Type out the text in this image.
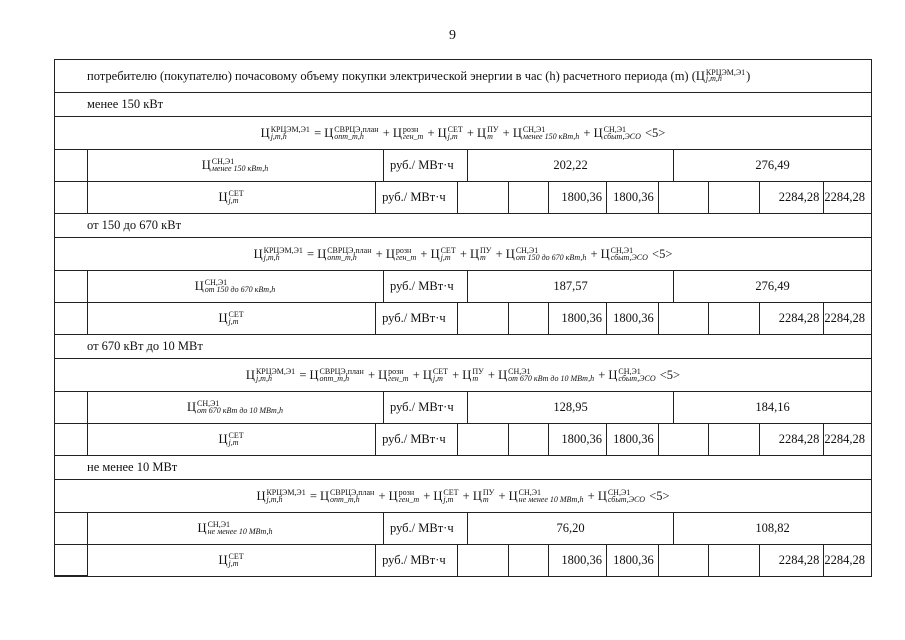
9
потребителю (покупателю) почасовому объему покупки электрической энергии в час (h) расчетного периода (m) (Ц КРЦЭМ,Э1
j,m,h	)
менее 150 кВт
Ц КРЦЭМ,Э1
j,m,h	= Ц СВРЦЭ,план
опт_m,h	+ Ц розн
ген_m + Ц СЕТ
j,m + Ц ПУ
m + Ц СН,Э1
менее 150 кВт,h + Ц СН,Э1
сбыт,ЭСО <5>
Ц СН,Э1
менее 150 кВт,h	руб./ МВт·ч	202,22	276,49
Ц СЕТ
j,m	руб./ МВт·ч	1800,36 1800,36	2284,28 2284,28
от 150 до 670 кВт
Ц КРЦЭМ,Э1
j,m,h	= Ц СВРЦЭ,план
опт_m,h	+ Ц розн
ген_m + Ц СЕТ
j,m + Ц ПУ
m + Ц СН,Э1
от 150 до 670 кВт,h + Ц СН,Э1
сбыт,ЭСО <5>
Ц СН,Э1
от 150 до 670 кВт,h	руб./ МВт·ч	187,57	276,49
Ц СЕТ
j,m	руб./ МВт·ч	1800,36 1800,36	2284,28 2284,28
от 670 кВт до 10 МВт
Ц КРЦЭМ,Э1
j,m,h	= Ц СВРЦЭ,план
опт_m,h	+ Ц розн
ген_m + Ц СЕТ
j,m + Ц ПУ
m + Ц СН,Э1
от 670 кВт до 10 МВт,h + Ц СН,Э1
сбыт,ЭСО <5>
Ц СН,Э1
от 670 кВт до 10 МВт,h	руб./ МВт·ч	128,95	184,16
Ц СЕТ
j,m	руб./ МВт·ч	1800,36 1800,36	2284,28 2284,28
не менее 10 МВт
Ц КРЦЭМ,Э1
j,m,h	= Ц СВРЦЭ,план
опт_m,h	+ Ц розн
ген_m + Ц СЕТ
j,m + Ц ПУ
m + Ц СН,Э1
не менее 10 МВт,h + Ц СН,Э1
сбыт,ЭСО <5>
Ц СН,Э1
не менее 10 МВт,h	руб./ МВт·ч	76,20	108,82
Ц СЕТ
j,m	руб./ МВт·ч	1800,36 1800,36	2284,28 2284,28
